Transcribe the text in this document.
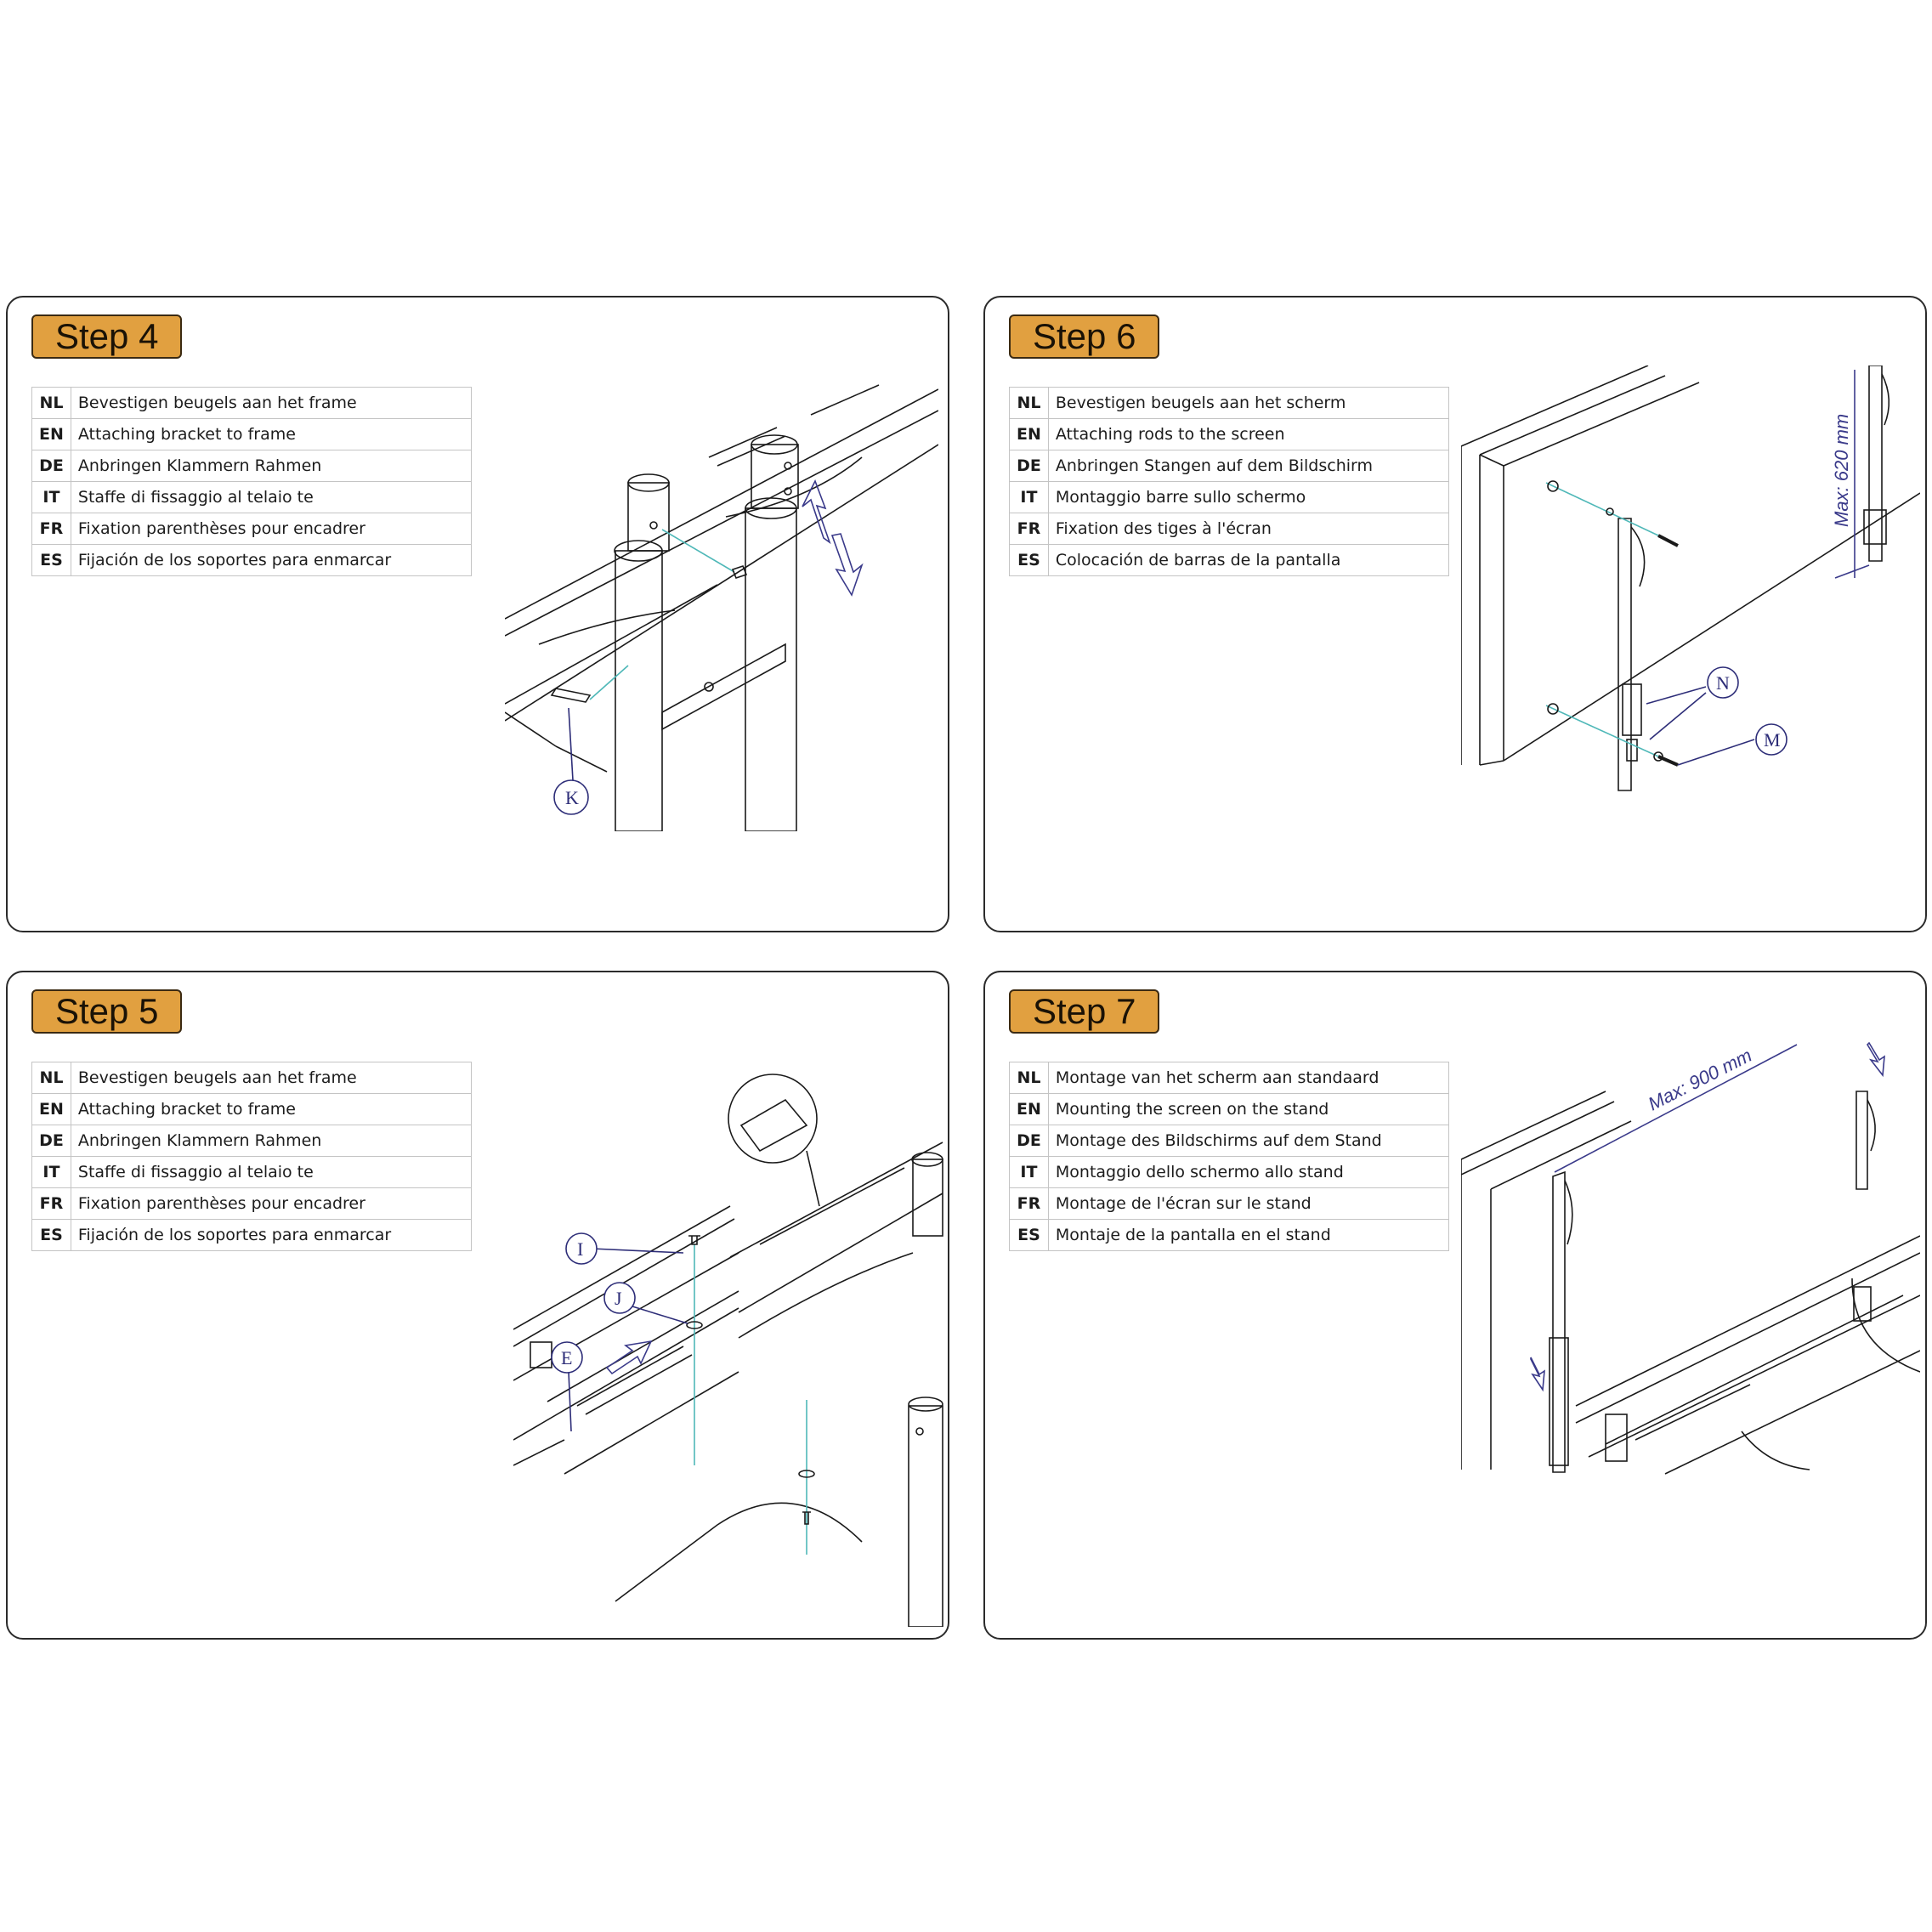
Step 4
NL	Bevestigen beugels aan het frame
EN	Attaching bracket to frame
DE	Anbringen Klammern Rahmen
IT	Staffe di fissaggio al telaio te
FR	Fixation parenthèses pour encadrer
ES	Fijación de los soportes para enmarcar
K
Step 6
NL	Bevestigen beugels aan het scherm
EN	Attaching rods to the screen
DE	Anbringen Stangen auf dem Bildschirm
IT	Montaggio barre sullo schermo
FR	Fixation des tiges à l'écran
ES	Colocación de barras de la pantalla
Max: 620 mm
N
M
Step 5
NL	Bevestigen beugels aan het frame
EN	Attaching bracket to frame
DE	Anbringen Klammern Rahmen
IT	Staffe di fissaggio al telaio te
FR	Fixation parenthèses pour encadrer
ES	Fijación de los soportes para enmarcar
I
J
E
Step 7
NL	Montage van het scherm aan standaard
EN	Mounting the screen on the stand
DE	Montage des Bildschirms auf dem Stand
IT	Montaggio dello schermo allo stand
FR	Montage de l'écran sur le stand
ES	Montaje de la pantalla en el stand
Max: 900 mm
